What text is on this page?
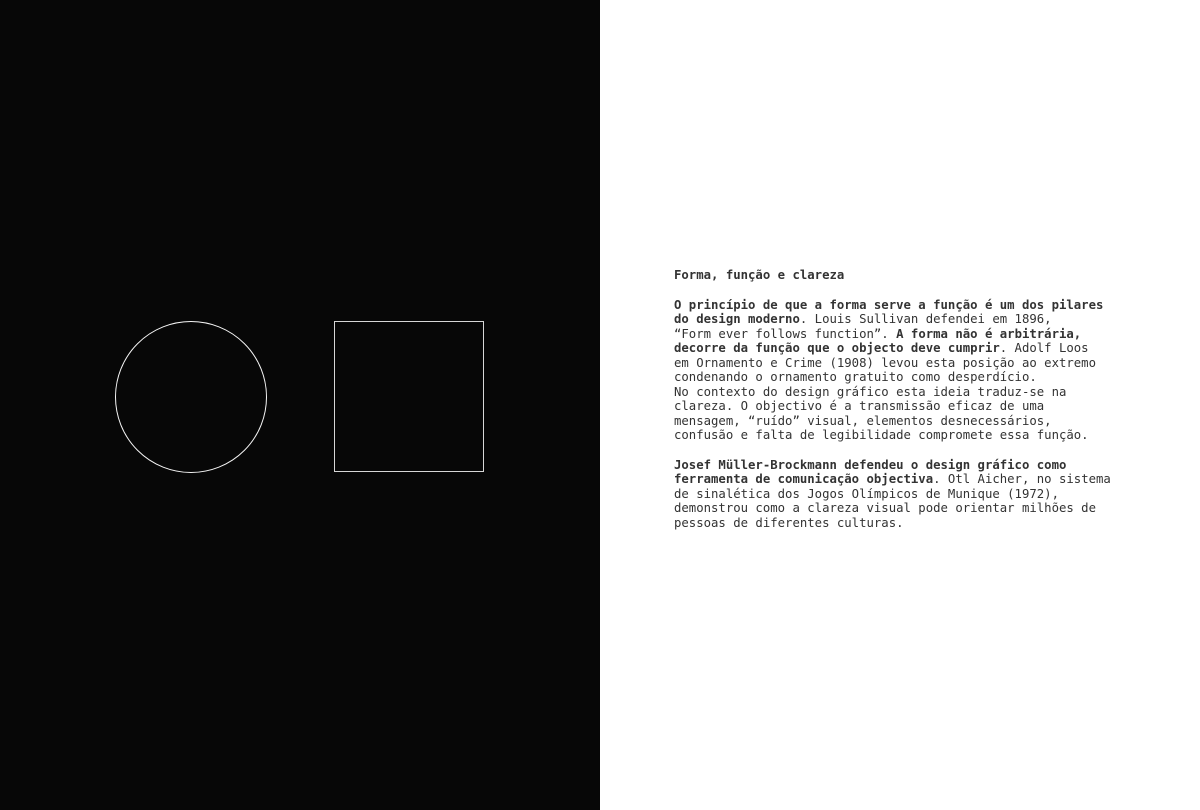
Forma, função e clareza
O princípio de que a forma serve a função é um dos pilares
do design moderno. Louis Sullivan defendei em 1896,
“Form ever follows function”. A forma não é arbitrária,
decorre da função que o objecto deve cumprir. Adolf Loos
em Ornamento e Crime (1908) levou esta posição ao extremo
condenando o ornamento gratuito como desperdício.
No contexto do design gráfico esta ideia traduz-se na
clareza. O objectivo é a transmissão eficaz de uma
mensagem, “ruído” visual, elementos desnecessários,
confusão e falta de legibilidade compromete essa função.
Josef Müller-Brockmann defendeu o design gráfico como
ferramenta de comunicação objectiva. Otl Aicher, no sistema
de sinalética dos Jogos Olímpicos de Munique (1972),
demonstrou como a clareza visual pode orientar milhões de
pessoas de diferentes culturas.
